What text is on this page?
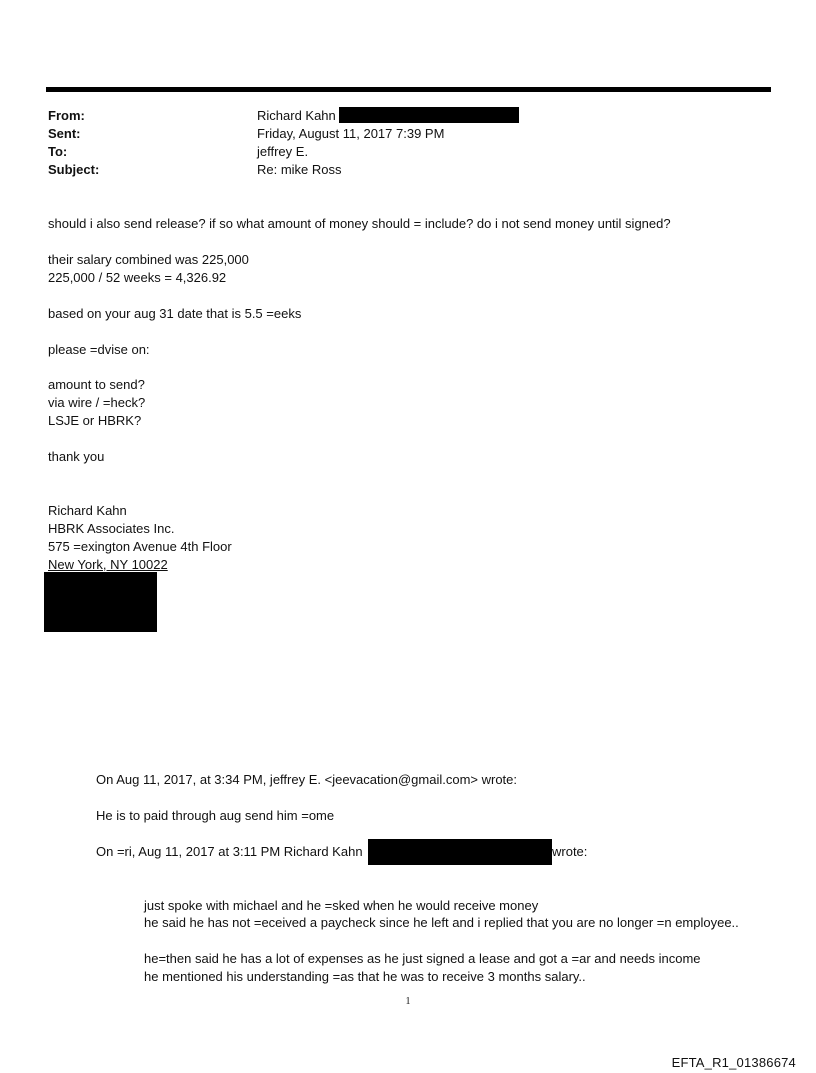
From:	Richard Kahn
Sent:	Friday, August 11, 2017 7:39 PM
To:	jeffrey E.
Subject:	Re: mike Ross
should i also send release? if so what amount of money should = include? do i not send money until signed?
their salary combined was 225,000
225,000 / 52 weeks = 4,326.92
based on your aug 31 date that is 5.5 =eeks
please =dvise on:
amount to send?
via wire / =heck?
LSJE or HBRK?
thank you
Richard Kahn
HBRK Associates Inc.
575 =exington Avenue 4th Floor
New York, NY 10022
On Aug 11, 2017, at 3:34 PM, jeffrey E. <jeevacation@gmail.com> wrote:
He is to paid through aug send him =ome
On =ri, Aug 11, 2017 at 3:11 PM Richard Kahn	wrote:
just spoke with michael and he =sked when he would receive money
he said he has not =eceived a paycheck since he left and i replied that you are no longer =n employee..
he=then said he has a lot of expenses as he just signed a lease and got a =ar and needs income
he mentioned his understanding =as that he was to receive 3 months salary..
1
EFTA_R1_01386674
